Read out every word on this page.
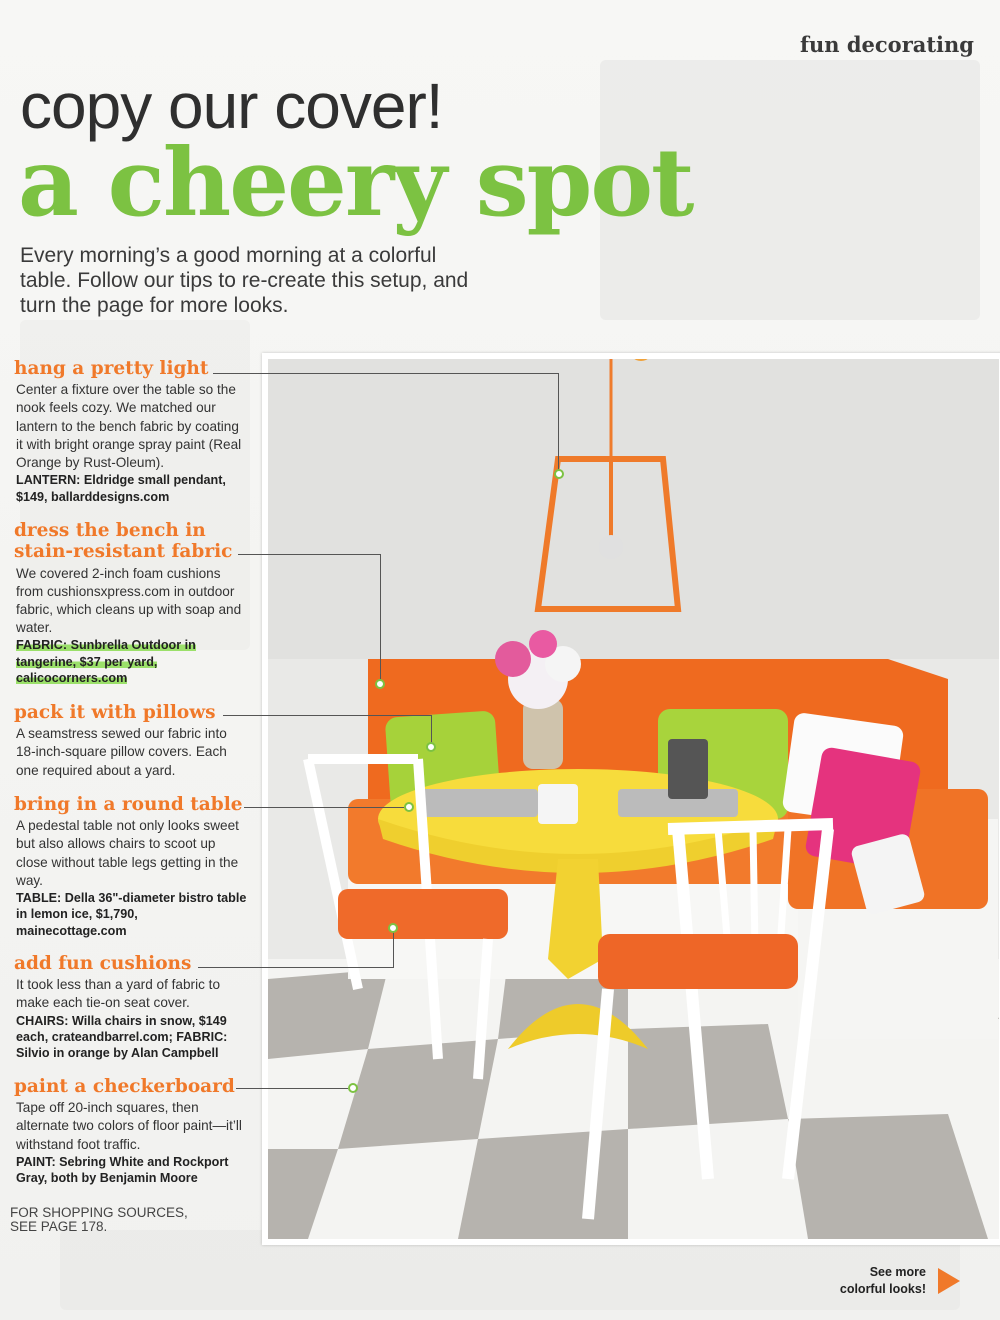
fun decorating
copy our cover!
a cheery spot
Every morning’s a good morning at a colorful table. Follow our tips to re-create this setup, and turn the page for more looks.
hang a pretty light

Center a fixture over the table so the nook feels cozy. We matched our lantern to the bench fabric by coating it with bright orange spray paint (Real Orange by Rust-Oleum).

LANTERN: Eldridge small pendant, $149, ballarddesigns.com
dress the bench in stain-resistant fabric

We covered 2-inch foam cushions from cushionsxpress.com in outdoor fabric, which cleans up with soap and water.

FABRIC: Sunbrella Outdoor in tangerine, $37 per yard, calicocorners.com
pack it with pillows

A seamstress sewed our fabric into 18-inch-square pillow covers. Each one required about a yard.

bring in a round table

A pedestal table not only looks sweet but also allows chairs to scoot up close without table legs getting in the way.

TABLE: Della 36"-diameter bistro table in lemon ice, $1,790, mainecottage.com
add fun cushions

It took less than a yard of fabric to make each tie-on seat cover.

CHAIRS: Willa chairs in snow, $149 each, crateandbarrel.com; FABRIC: Silvio in orange by Alan Campbell
paint a checkerboard

Tape off 20-inch squares, then alternate two colors of floor paint—it’ll withstand foot traffic.

PAINT: Sebring White and Rockport Gray, both by Benjamin Moore
FOR SHOPPING SOURCES, SEE PAGE 178.
See more
colorful looks!
